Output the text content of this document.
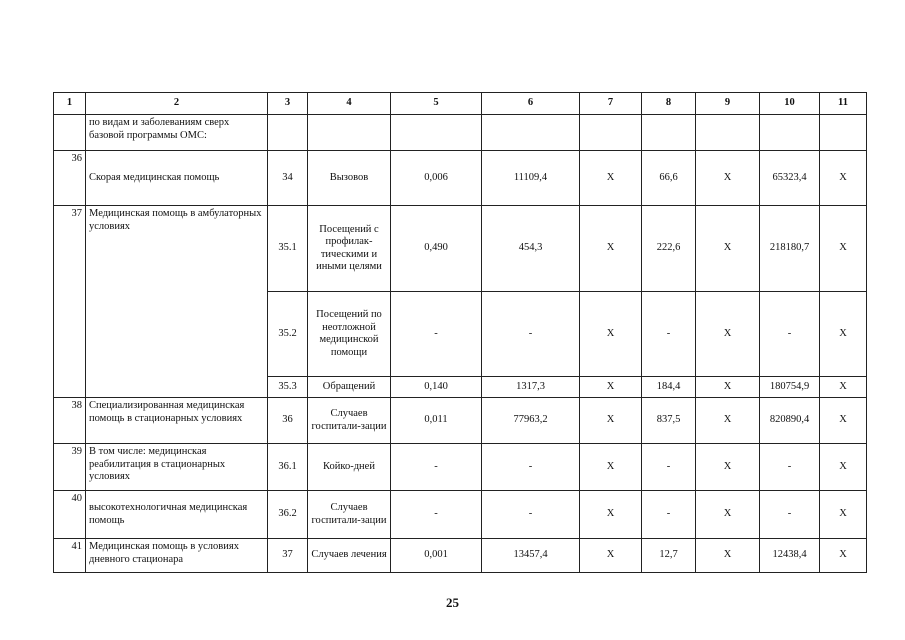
1	2	3	4	5	6	7	8	9	10	11
	по видам и заболеваниям сверх базовой программы ОМС:									
36	Скорая медицинская помощь	34	Вызовов	0,006	11109,4	X	66,6	X	65323,4	X
37	Медицинская помощь в амбулаторных условиях	35.1	Посещений с профилак-тическими и иными целями	0,490	454,3	X	222,6	X	218180,7	X
		35.2	Посещений по неотложной медицинской помощи	-	-	X	-	X	-	X
		35.3	Обращений	0,140	1317,3	X	184,4	X	180754,9	X
38	Специализированная медицинская помощь в стационарных условиях	36	Случаев госпитали-зации	0,011	77963,2	X	837,5	X	820890,4	X
39	В том числе: медицинская реабилитация в стационарных условиях	36.1	Койко-дней	-	-	X	-	X	-	X
40	высокотехнологичная медицинская помощь	36.2	Случаев госпитали-зации	-	-	X	-	X	-	X
41	Медицинская помощь в условиях дневного стационара	37	Случаев лечения	0,001	13457,4	X	12,7	X	12438,4	X
25
